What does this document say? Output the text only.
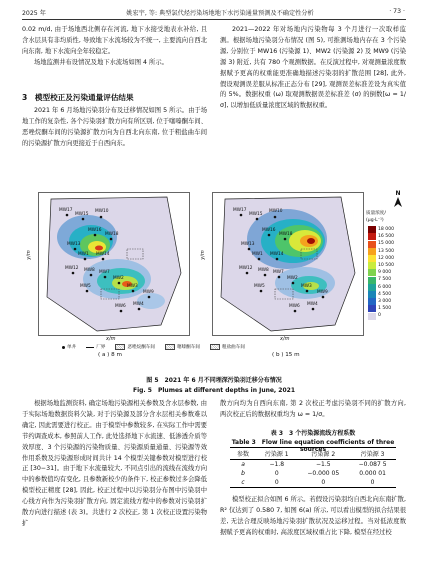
2025 年	姚宏宇, 等: 典型氯代烃污染场地地下水污染通量预测及不确定性分析	· 73 ·

0.02 m/d, 由于场地西北侧存在河流, 地下水接受地表水补给, 且含水层具有非均质性, 导致地下水流场较为不统一, 主要流向自西北向东南, 地下水流向全年较稳定。

场地监测井布设情况及地下水流场如图 4 所示。

3　模型校正及污染通量评估结果

2021 年 6 月场地污染羽分布及迁移情况如图 5 所示。由于场地工作的复杂性, 各个污染羽扩散方向有所区别, 位于噻嗪酮车间、恶唑烷酮车间的污染源扩散方向为自西北向东南, 位于粗盐曲车间的污染源扩散方向更接近于自西向东。

2021—2022 年对场地内污染物每 3 个月进行一次取样监测。根据场地污染羽分布情况 (图 5), 可推测场地内存在 3 个污染源, 分别位于 MW16 (污染源 1)、MW2 (污染源 2) 及 MW9 (污染源 3) 附近, 共有 780 个观测数据。在反演过程中, 对观测量浓度数据赋予更高的权重能更准确地描述污染羽的扩散范围 [28], 此外, 假设观测误差服从标准正态分布 [29], 观测误差标准差设为真实值的 5%。数据权重 (ω) 取观测数据误差标准差 (σ) 的倒数[ω = 1/σ], 以增加低质量浓度区域的数据权重。

MW17
MW15
MW10
MW16
MW18
MW13
MW1 MW14
MW12 MW8 MW7
MW2
MW3
MW5
MW9
MW4
MW6
y/m
x/m
MW17
MW15
MW10
MW16
MW18
MW13
MW1 MW14
MW12 MW8 MW7
MW2
MW3
MW5
MW9
MW4
MW6
y/m
x/m
N

质量浓度/
(μg·L⁻¹)
18 000
16 500
15 000
13 500
12 000
10 500
9 000
7 500
6 000
4 500
3 000
1 500
0
单井	厂界	恶唑烷酮车间	噻嗪酮车间	粗盐曲车间
( a ) 8 m	( b ) 15 m
图 5　2021 年 6 月不同埋深污染羽迁移分布情况
Fig. 5　Plumes at different depths in June, 2021

根据场地监测资料, 确定场地污染源相关参数及含水层参数, 由于实际场地数据资料欠缺, 对于污染源及部分含水层相关参数难以确定, 因此需要进行校正。由于模型中参数较多, 在实际工作中需要节约调查成本, 参照前人工作, 此处选择地下水流速、低渗透介质等效厚度、3 个污染源的污染物质量、污染源质量通量、污染源等效作用系数及污染源形成时间共计 14 个模型关键参数对模型进行校正 [30−31]。由于地下水流量较大, 不同点引出的流线在流线方向中的参数值均有变化, 且参数新校少的条件下, 校正参数过多会降低模型校正精度 [28], 因此, 校正过程中以污染羽分布图中污染羽中心线方向作为污染羽扩散方向, 固定流线方程中的参数对污染羽扩散方向进行描述 (表 3)。共进行 2 次校正, 第 1 次校正设置污染物扩

散方向均为自西向东南, 第 2 次校正考虑污染羽不同的扩散方向, 两次校正后的数据权重均为 ω = 1/σ。

表 3　3 个污染源流线方程系数
Table 3　Flow line equation coefficients of three sources
参数	污染源 1	污染源 2	污染源 3
a	−1.8	−1.5	−0.087 5
b	0	−0.000 05	0.000 01
c	0	0	0

模型校正拟合如图 6 所示。若假设污染羽均自西北向东南扩散, R² 仅达到了 0.580 7, 如图 6(a) 所示, 可以看出模型的拟合结果很差, 无法合理反映场地污染羽扩散状况及运移过程。当对低浓度数据赋予更高的权重时, 高浓度区域权重占比下降, 模型在经过校
